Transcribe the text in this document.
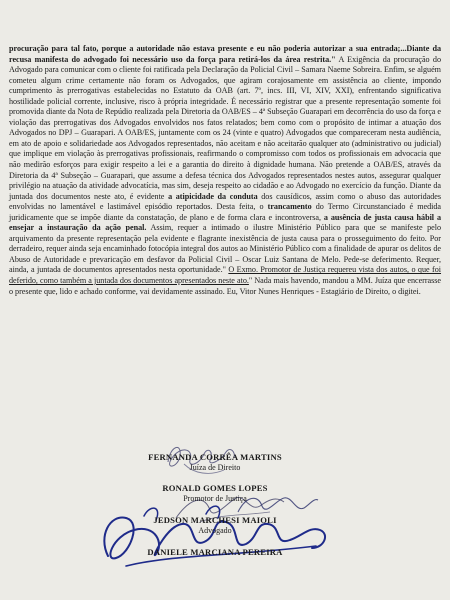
procuração para tal fato, porque a autoridade não estava presente e eu não poderia autorizar a sua entrada;...Diante da recusa manifesta do advogado foi necessário uso da força para retirá-los da área restrita." A Exigência da procuração do Advogado para comunicar com o cliente foi ratificada pela Declaração da Policial Civil – Samara Naeme Sobreira. Enfim, se alguém cometeu algum crime certamente não foram os Advogados, que agiram corajosamente em assistência ao cliente, impondo cumprimento às prerrogativas estabelecidas no Estatuto da OAB (art. 7º, incs. III, VI, XIV, XXI), enfrentando significativa hostilidade policial corrente, inclusive, risco à própria integridade. É necessário registrar que a presente representação somente foi promovida diante da Nota de Repúdio realizada pela Diretoria da OAB/ES – 4ª Subseção Guarapari em decorrência do uso da força e violação das prerrogativas dos Advogados envolvidos nos fatos relatados; bem como com o propósito de intimar a atuação dos Advogados no DPJ – Guarapari. A OAB/ES, juntamente com os 24 (vinte e quatro) Advogados que compareceram nesta audiência, em ato de apoio e solidariedade aos Advogados representados, não aceitam e não aceitarão qualquer ato (administrativo ou judicial) que implique em violação às prerrogativas profissionais, reafirmando o compromisso com todos os profissionais em advocacia que não medirão esforços para exigir respeito a lei e a garantia do direito à dignidade humana. Não pretende a OAB/ES, através da Diretoria da 4ª Subseção – Guarapari, que assume a defesa técnica dos Advogados representados nestes autos, assegurar qualquer privilégio na atuação da atividade advocatícia, mas sim, deseja respeito ao cidadão e ao Advogado no exercício da função. Diante da juntada dos documentos neste ato, é evidente a atipicidade da conduta dos causídicos, assim como o abuso das autoridades envolvidas no lamentável e lastimável episódio reportados. Desta feita, o trancamento do Termo Circunstanciado é medida juridicamente que se impõe diante da constatação, de plano e de forma clara e incontroversa, a ausência de justa causa hábil a ensejar a instauração da ação penal. Assim, requer a intimado o ilustre Ministério Público para que se manifeste pelo arquivamento da presente representação pela evidente e flagrante inexistência de justa causa para o prosseguimento do feito. Por derradeiro, requer ainda seja encaminhado fotocópia integral dos autos ao Ministério Público com a finalidade de apurar os delitos de Abuso de Autoridade e prevaricação em desfavor da Policial Civil – Oscar Luiz Santana de Melo. Pede-se deferimento. Requer, ainda, a juntada de documentos apresentados nesta oportunidade." O Exmo. Promotor de Justiça requereu vista dos autos, o que foi deferido, como também a juntada dos documentos apresentados neste ato." Nada mais havendo, mandou a MM. Juíza que encerrasse o presente que, lido e achado conforme, vai devidamente assinado. Eu, Vitor Nunes Henriques - Estagiário de Direito, o digitei.

FERNANDA CORRÊA MARTINS
Juíza de Direito
RONALD GOMES LOPES
Promotor de Justiça
JEDSON MARCHESI MAIOLI
Advogado
DANIELE MARCIANA PEREIRA
